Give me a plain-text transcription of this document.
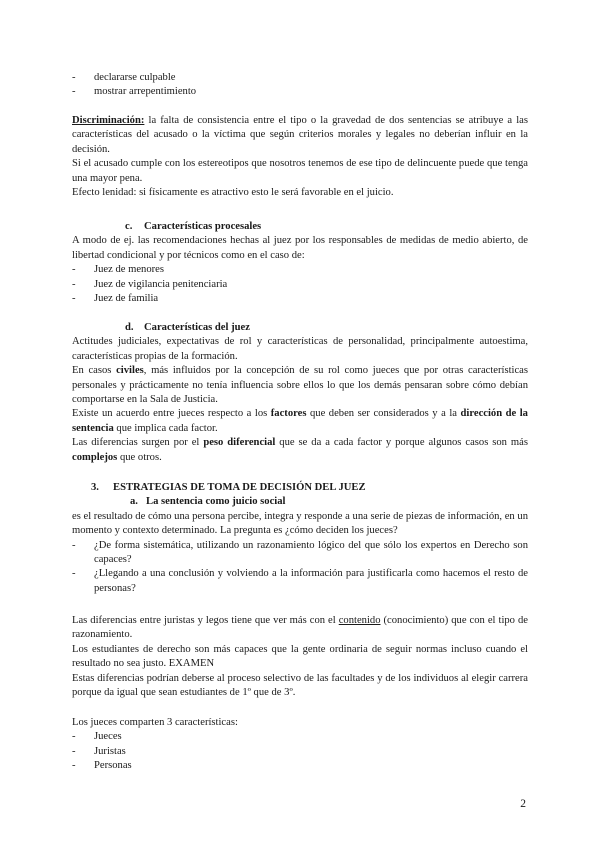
- declararse culpable
- mostrar arrepentimiento

Discriminación: la falta de consistencia entre el tipo o la gravedad de dos sentencias se atribuye a las características del acusado o la víctima que según criterios morales y legales no deberían influir en la decisión.

Si el acusado cumple con los estereotipos que nosotros tenemos de ese tipo de delincuente puede que tenga una mayor pena.

Efecto lenidad: si físicamente es atractivo esto le será favorable en el juicio.

c. Características procesales

A modo de ej. las recomendaciones hechas al juez por los responsables de medidas de medio abierto, de libertad condicional y por técnicos como en el caso de:

- Juez de menores
- Juez de vigilancia penitenciaria
- Juez de familia
d. Características del juez

Actitudes judiciales, expectativas de rol y características de personalidad, principalmente autoestima, características propias de la formación.

En casos civiles, más influidos por la concepción de su rol como jueces que por otras características personales y prácticamente no tenía influencia sobre ellos lo que los demás pensaran sobre cómo debían comportarse en la Sala de Justicia.

Existe un acuerdo entre jueces respecto a los factores que deben ser considerados y a la dirección de la sentencia que implica cada factor.

Las diferencias surgen por el peso diferencial que se da a cada factor y porque algunos casos son más complejos que otros.

3. ESTRATEGIAS DE TOMA DE DECISIÓN DEL JUEZ
a. La sentencia como juicio social

es el resultado de cómo una persona percibe, integra y responde a una serie de piezas de información, en un momento y contexto determinado. La pregunta es ¿cómo deciden los jueces?

- ¿De forma sistemática, utilizando un razonamiento lógico del que sólo los expertos en Derecho son capaces?
- ¿Llegando a una conclusión y volviendo a la información para justificarla como hacemos el resto de personas?

Las diferencias entre juristas y legos tiene que ver más con el contenido (conocimiento) que con el tipo de razonamiento.

Los estudiantes de derecho son más capaces que la gente ordinaria de seguir normas incluso cuando el resultado no sea justo. EXAMEN

Estas diferencias podrían deberse al proceso selectivo de las facultades y de los individuos al elegir carrera porque da igual que sean estudiantes de 1º que de 3º.

Los jueces comparten 3 características:

- Jueces
- Juristas
- Personas
2
